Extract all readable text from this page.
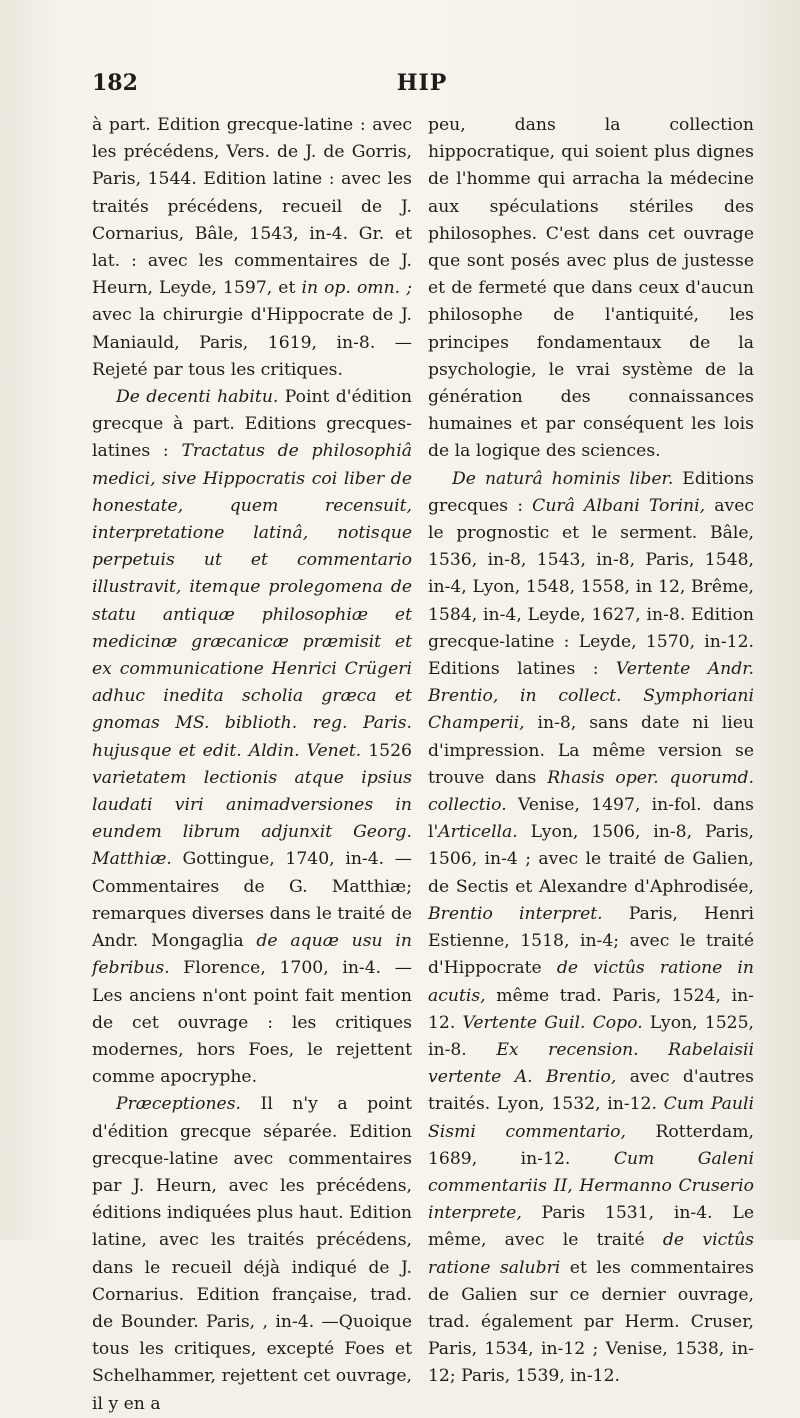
182	HIP

à part. Edition grecque-latine : avec les précédens, Vers. de J. de Gorris, Paris, 1544. Edition latine : avec les traités précédens, recueil de J. Cornarius, Bâle, 1543, in-4. Gr. et lat. : avec les commentaires de J. Heurn, Leyde, 1597, et in op. omn. ; avec la chirurgie d'Hippocrate de J. Maniauld, Paris, 1619, in-8. — Rejeté par tous les critiques.

De decenti habitu. Point d'édition grecque à part. Editions grecques-latines : Tractatus de philosophiâ medici, sive Hippocratis coi liber de honestate, quem recensuit, interpretatione latinâ, notisque perpetuis ut et commentario illustravit, itemque prolegomena de statu antiquæ philosophiæ et medicinæ græcanicæ præmisit et ex communicatione Henrici Crügeri adhuc inedita scholia græca et gnomas MS. biblioth. reg. Paris. hujusque et edit. Aldin. Venet. 1526 varietatem lectionis atque ipsius laudati viri animadversiones in eundem librum adjunxit Georg. Matthiæ. Gottingue, 1740, in-4. — Commentaires de G. Matthiæ; remarques diverses dans le traité de Andr. Mongaglia de aquæ usu in febribus. Florence, 1700, in-4. — Les anciens n'ont point fait mention de cet ouvrage : les critiques modernes, hors Foes, le rejettent comme apocryphe.

Præceptiones. Il n'y a point d'édition grecque séparée. Edition grecque-latine avec commentaires par J. Heurn, avec les précédens, éditions indiquées plus haut. Edition latine, avec les traités précédens, dans le recueil déjà indiqué de J. Cornarius. Edition française, trad. de Bounder. Paris, , in-4. —Quoique tous les critiques, excepté Foes et Schelhammer, rejettent cet ouvrage, il y en a

peu, dans la collection hippocratique, qui soient plus dignes de l'homme qui arracha la médecine aux spéculations stériles des philosophes. C'est dans cet ouvrage que sont posés avec plus de justesse et de fermeté que dans ceux d'aucun philosophe de l'antiquité, les principes fondamentaux de la psychologie, le vrai système de la génération des connaissances humaines et par conséquent les lois de la logique des sciences.

De naturâ hominis liber. Editions grecques : Curâ Albani Torini, avec le prognostic et le serment. Bâle, 1536, in-8, 1543, in-8, Paris, 1548, in-4, Lyon, 1548, 1558, in 12, Brême, 1584, in-4, Leyde, 1627, in-8. Edition grecque-latine : Leyde, 1570, in-12. Editions latines : Vertente Andr. Brentio, in collect. Symphoriani Champerii, in-8, sans date ni lieu d'impression. La même version se trouve dans Rhasis oper. quorumd. collectio. Venise, 1497, in-fol. dans l'Articella. Lyon, 1506, in-8, Paris, 1506, in-4 ; avec le traité de Galien, de Sectis et Alexandre d'Aphrodisée, Brentio interpret. Paris, Henri Estienne, 1518, in-4; avec le traité d'Hippocrate de victûs ratione in acutis, même trad. Paris, 1524, in-12. Vertente Guil. Copo. Lyon, 1525, in-8. Ex recension. Rabelaisii vertente A. Brentio, avec d'autres traités. Lyon, 1532, in-12. Cum Pauli Sismi commentario, Rotterdam, 1689, in-12. Cum Galeni commentariis II, Hermanno Cruserio interprete, Paris 1531, in-4. Le même, avec le traité de victûs ratione salubri et les commentaires de Galien sur ce dernier ouvrage, trad. également par Herm. Cruser, Paris, 1534, in-12 ; Venise, 1538, in-12; Paris, 1539, in-12.
